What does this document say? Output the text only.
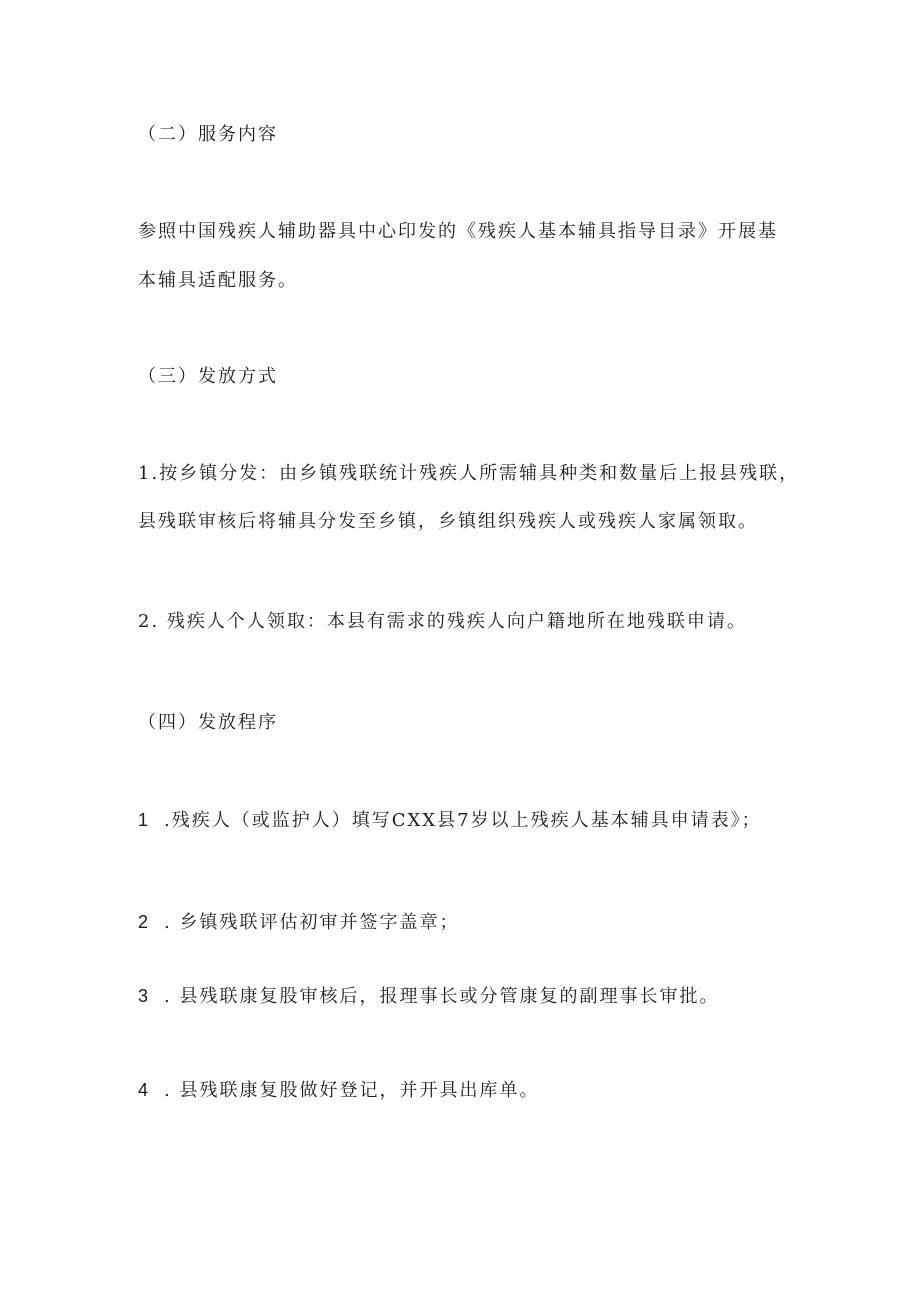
（二）服务内容
参照中国残疾人辅助器具中心印发的《残疾人基本辅具指导目录》开展基
本辅具适配服务。
（三）发放方式
1.按乡镇分发：由乡镇残联统计残疾人所需辅具种类和数量后上报县残联，
县残联审核后将辅具分发至乡镇，乡镇组织残疾人或残疾人家属领取。
2. 残疾人个人领取：本县有需求的残疾人向户籍地所在地残联申请。
（四）发放程序
1 .残疾人（或监护人）填写CXX县7岁以上残疾人基本辅具申请表》；
2 . 乡镇残联评估初审并签字盖章；
3 . 县残联康复股审核后，报理事长或分管康复的副理事长审批。
4 . 县残联康复股做好登记，并开具出库单。
